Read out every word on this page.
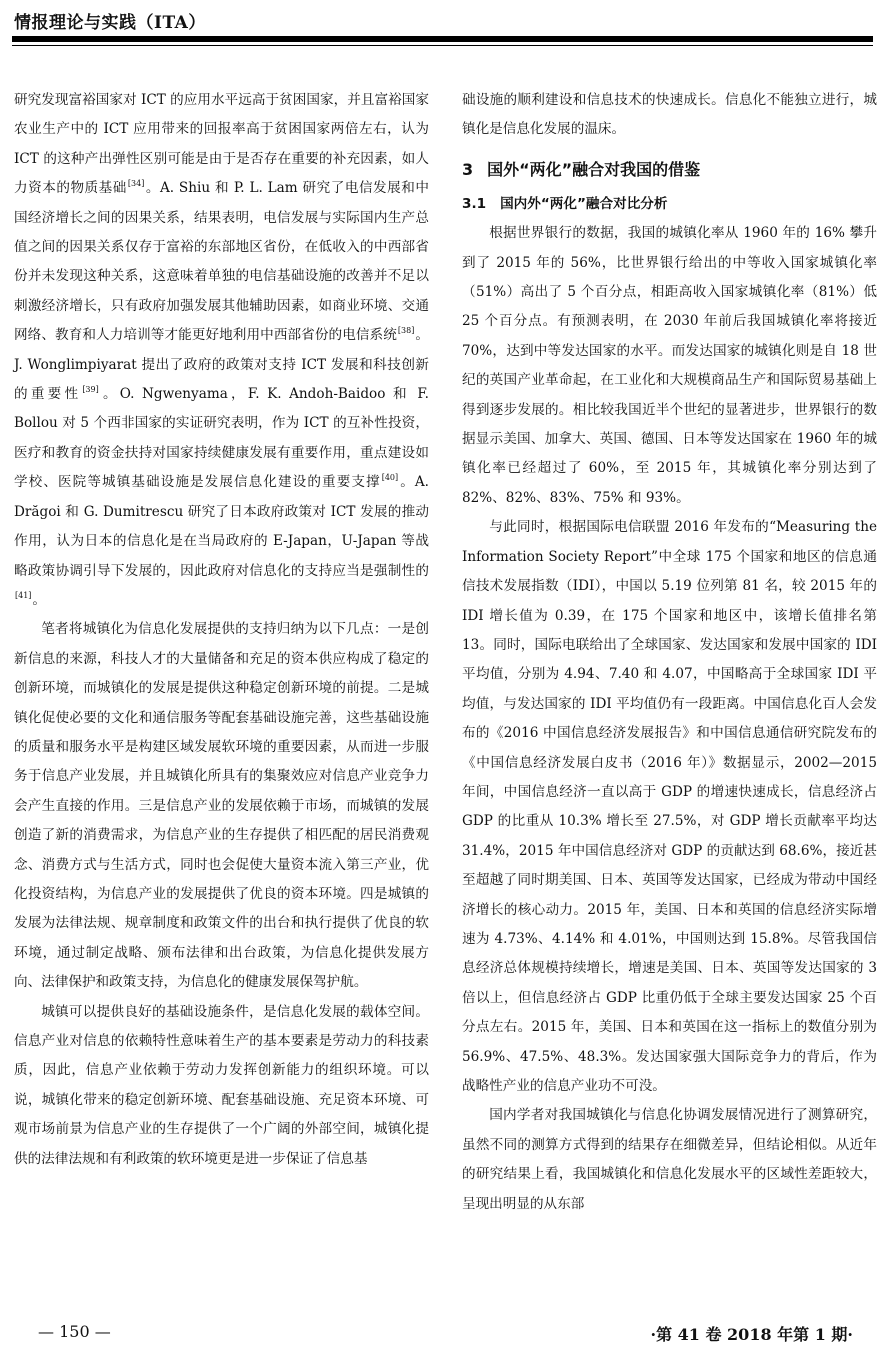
情报理论与实践（ITA）

研究发现富裕国家对 ICT 的应用水平远高于贫困国家，并且富裕国家农业生产中的 ICT 应用带来的回报率高于贫困国家两倍左右，认为 ICT 的这种产出弹性区别可能是由于是否存在重要的补充因素，如人力资本的物质基础[34]。A. Shiu 和 P. L. Lam 研究了电信发展和中国经济增长之间的因果关系，结果表明，电信发展与实际国内生产总值之间的因果关系仅存于富裕的东部地区省份，在低收入的中西部省份并未发现这种关系，这意味着单独的电信基础设施的改善并不足以刺激经济增长，只有政府加强发展其他辅助因素，如商业环境、交通网络、教育和人力培训等才能更好地利用中西部省份的电信系统[38]。J. Wonglimpiyarat 提出了政府的政策对支持 ICT 发展和科技创新的重要性[39]。O. Ngwenyama，F. K. Andoh-Baidoo 和 F. Bollou 对 5 个西非国家的实证研究表明，作为 ICT 的互补性投资，医疗和教育的资金扶持对国家持续健康发展有重要作用，重点建设如学校、医院等城镇基础设施是发展信息化建设的重要支撑[40]。A. Drăgoi 和 G. Dumitrescu 研究了日本政府政策对 ICT 发展的推动作用，认为日本的信息化是在当局政府的 E-Japan，U-Japan 等战略政策协调引导下发展的，因此政府对信息化的支持应当是强制性的[41]。

笔者将城镇化为信息化发展提供的支持归纳为以下几点：一是创新信息的来源，科技人才的大量储备和充足的资本供应构成了稳定的创新环境，而城镇化的发展是提供这种稳定创新环境的前提。二是城镇化促使必要的文化和通信服务等配套基础设施完善，这些基础设施的质量和服务水平是构建区域发展软环境的重要因素，从而进一步服务于信息产业发展，并且城镇化所具有的集聚效应对信息产业竞争力会产生直接的作用。三是信息产业的发展依赖于市场，而城镇的发展创造了新的消费需求，为信息产业的生存提供了相匹配的居民消费观念、消费方式与生活方式，同时也会促使大量资本流入第三产业，优化投资结构，为信息产业的发展提供了优良的资本环境。四是城镇的发展为法律法规、规章制度和政策文件的出台和执行提供了优良的软环境，通过制定战略、颁布法律和出台政策，为信息化提供发展方向、法律保护和政策支持，为信息化的健康发展保驾护航。

城镇可以提供良好的基础设施条件，是信息化发展的载体空间。信息产业对信息的依赖特性意味着生产的基本要素是劳动力的科技素质，因此，信息产业依赖于劳动力发挥创新能力的组织环境。可以说，城镇化带来的稳定创新环境、配套基础设施、充足资本环境、可观市场前景为信息产业的生存提供了一个广阔的外部空间，城镇化提供的法律法规和有利政策的软环境更是进一步保证了信息基

础设施的顺利建设和信息技术的快速成长。信息化不能独立进行，城镇化是信息化发展的温床。

3 国外“两化”融合对我国的借鉴

3.1 国内外“两化”融合对比分析

根据世界银行的数据，我国的城镇化率从 1960 年的 16% 攀升到了 2015 年的 56%，比世界银行给出的中等收入国家城镇化率（51%）高出了 5 个百分点，相距高收入国家城镇化率（81%）低 25 个百分点。有预测表明，在 2030 年前后我国城镇化率将接近 70%，达到中等发达国家的水平。而发达国家的城镇化则是自 18 世纪的英国产业革命起，在工业化和大规模商品生产和国际贸易基础上得到逐步发展的。相比较我国近半个世纪的显著进步，世界银行的数据显示美国、加拿大、英国、德国、日本等发达国家在 1960 年的城镇化率已经超过了 60%，至 2015 年，其城镇化率分别达到了 82%、82%、83%、75% 和 93%。

与此同时，根据国际电信联盟 2016 年发布的“Measuring the Information Society Report”中全球 175 个国家和地区的信息通信技术发展指数（IDI），中国以 5.19 位列第 81 名，较 2015 年的 IDI 增长值为 0.39，在 175 个国家和地区中，该增长值排名第 13。同时，国际电联给出了全球国家、发达国家和发展中国家的 IDI 平均值，分别为 4.94、7.40 和 4.07，中国略高于全球国家 IDI 平均值，与发达国家的 IDI 平均值仍有一段距离。中国信息化百人会发布的《2016 中国信息经济发展报告》和中国信息通信研究院发布的《中国信息经济发展白皮书（2016 年）》数据显示，2002—2015 年间，中国信息经济一直以高于 GDP 的增速快速成长，信息经济占 GDP 的比重从 10.3% 增长至 27.5%，对 GDP 增长贡献率平均达 31.4%，2015 年中国信息经济对 GDP 的贡献达到 68.6%，接近甚至超越了同时期美国、日本、英国等发达国家，已经成为带动中国经济增长的核心动力。2015 年，美国、日本和英国的信息经济实际增速为 4.73%、4.14% 和 4.01%，中国则达到 15.8%。尽管我国信息经济总体规模持续增长，增速是美国、日本、英国等发达国家的 3 倍以上，但信息经济占 GDP 比重仍低于全球主要发达国家 25 个百分点左右。2015 年，美国、日本和英国在这一指标上的数值分别为 56.9%、47.5%、48.3%。发达国家强大国际竞争力的背后，作为战略性产业的信息产业功不可没。

国内学者对我国城镇化与信息化协调发展情况进行了测算研究，虽然不同的测算方式得到的结果存在细微差异，但结论相似。从近年的研究结果上看，我国城镇化和信息化发展水平的区域性差距较大，呈现出明显的从东部

— 150 —	·第 41 卷 2018 年第 1 期·
